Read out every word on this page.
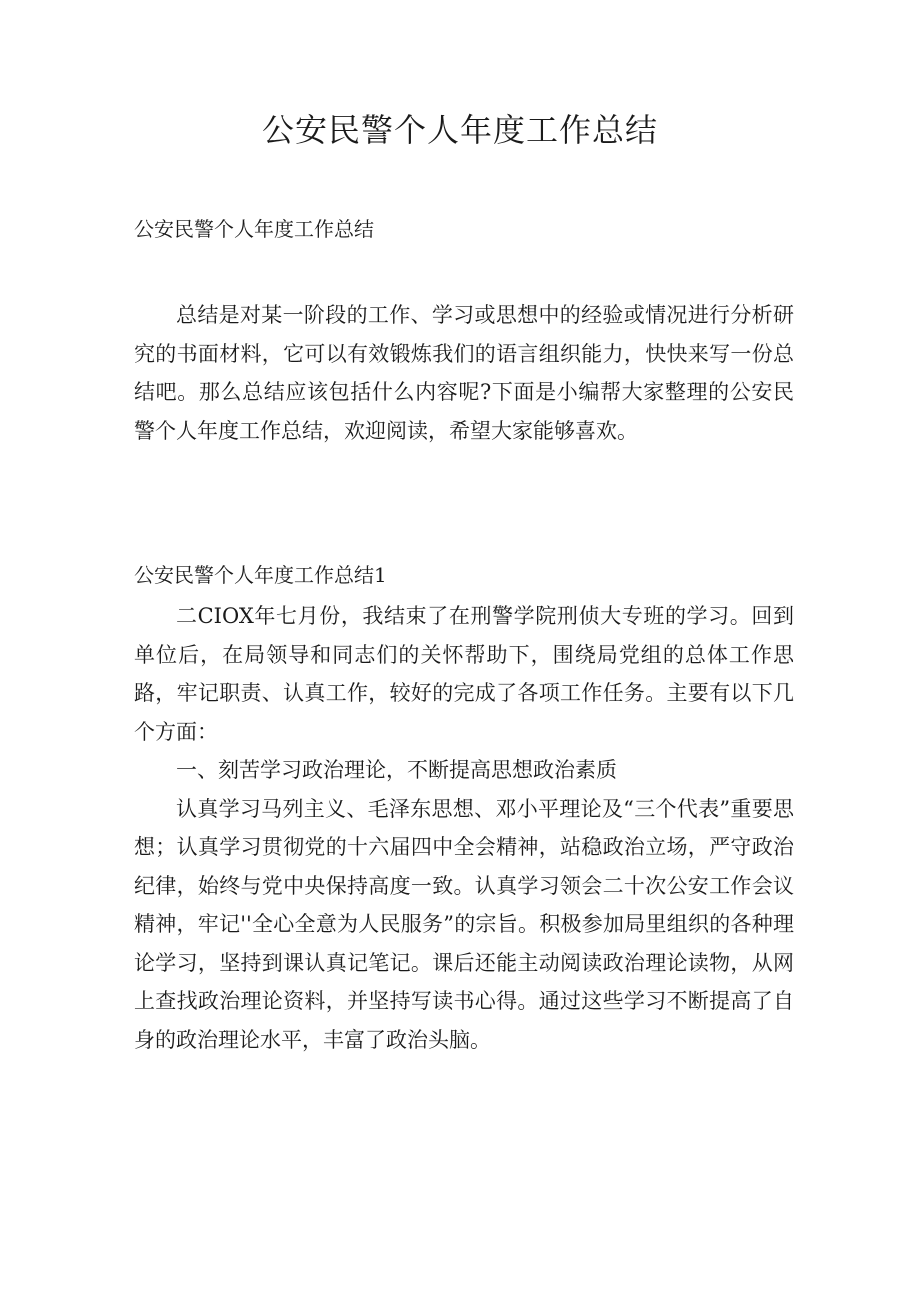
公安民警个人年度工作总结
公安民警个人年度工作总结

总结是对某一阶段的工作、学习或思想中的经验或情况进行分析研究的书面材料，它可以有效锻炼我们的语言组织能力，快快来写一份总结吧。那么总结应该包括什么内容呢?下面是小编帮大家整理的公安民警个人年度工作总结，欢迎阅读，希望大家能够喜欢。

公安民警个人年度工作总结1

二CIOX年七月份，我结束了在刑警学院刑侦大专班的学习。回到单位后，在局领导和同志们的关怀帮助下，围绕局党组的总体工作思路，牢记职责、认真工作，较好的完成了各项工作任务。主要有以下几个方面：

一、刻苦学习政治理论，不断提高思想政治素质

认真学习马列主义、毛泽东思想、邓小平理论及“三个代表”重要思想；认真学习贯彻党的十六届四中全会精神，站稳政治立场，严守政治纪律，始终与党中央保持高度一致。认真学习领会二十次公安工作会议精神，牢记''全心全意为人民服务”的宗旨。积极参加局里组织的各种理论学习，坚持到课认真记笔记。课后还能主动阅读政治理论读物，从网上查找政治理论资料，并坚持写读书心得。通过这些学习不断提高了自身的政治理论水平，丰富了政治头脑。
